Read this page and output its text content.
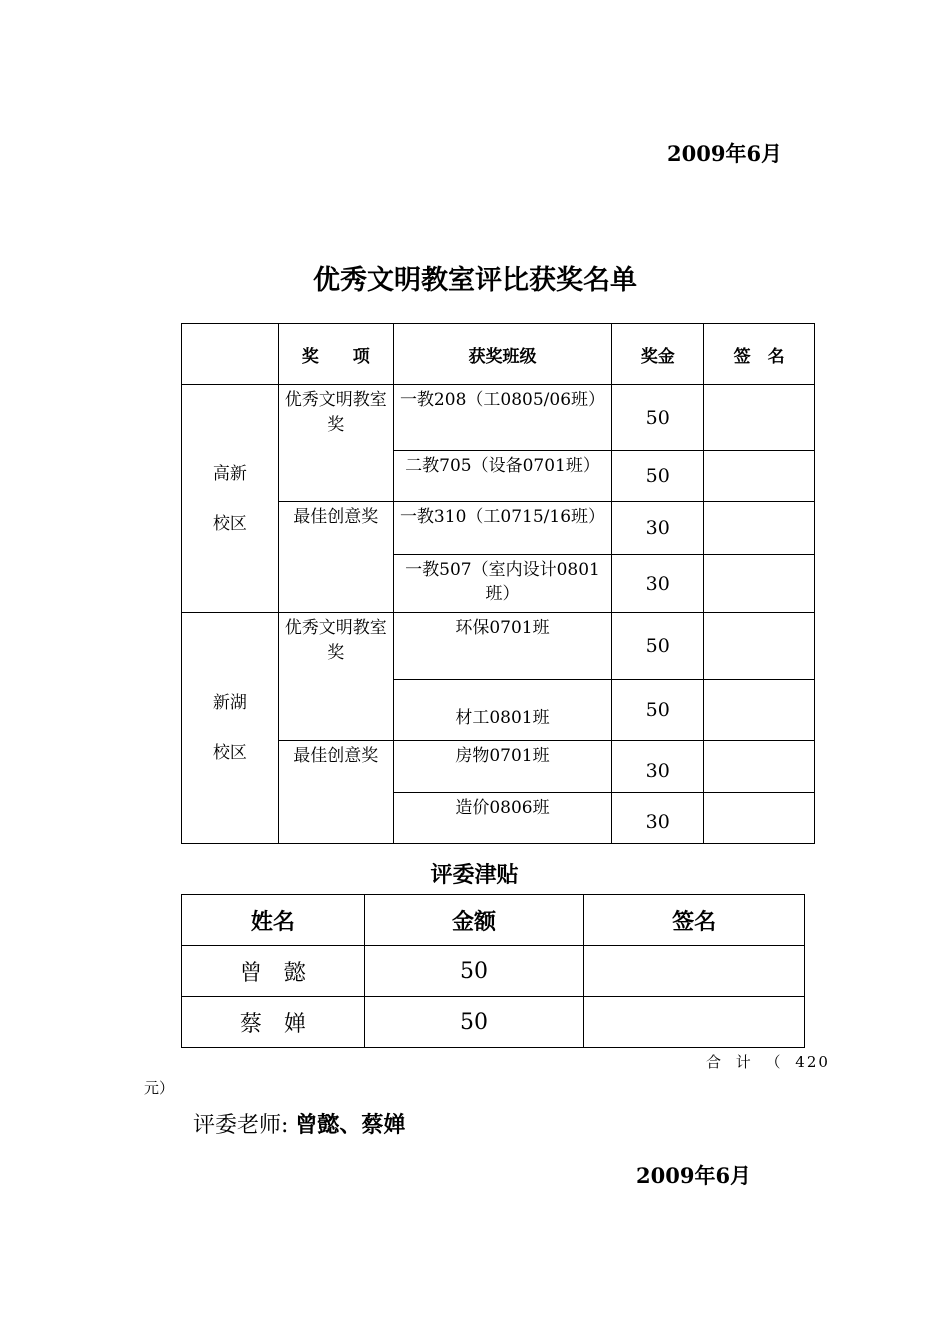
2009年6月
优秀文明教室评比获奖名单
	奖　　项	获奖班级	奖金	签　名
高新
校区	优秀文明教室奖	一教208（工0805/06班）	50	
		二教705（设备0701班）	50	
	最佳创意奖	一教310（工0715/16班）	30	
		一教507（室内设计0801班）	30	
新湖
校区	优秀文明教室奖	环保0701班	50	
		材工0801班	50	
	最佳创意奖	房物0701班	30	
		造价0806班	30	
评委津贴
姓名	金额	签名
曾　懿	50	
蔡　婵	50	
合 计 （ 420
元）
评委老师: 曾懿、蔡婵
2009年6月
